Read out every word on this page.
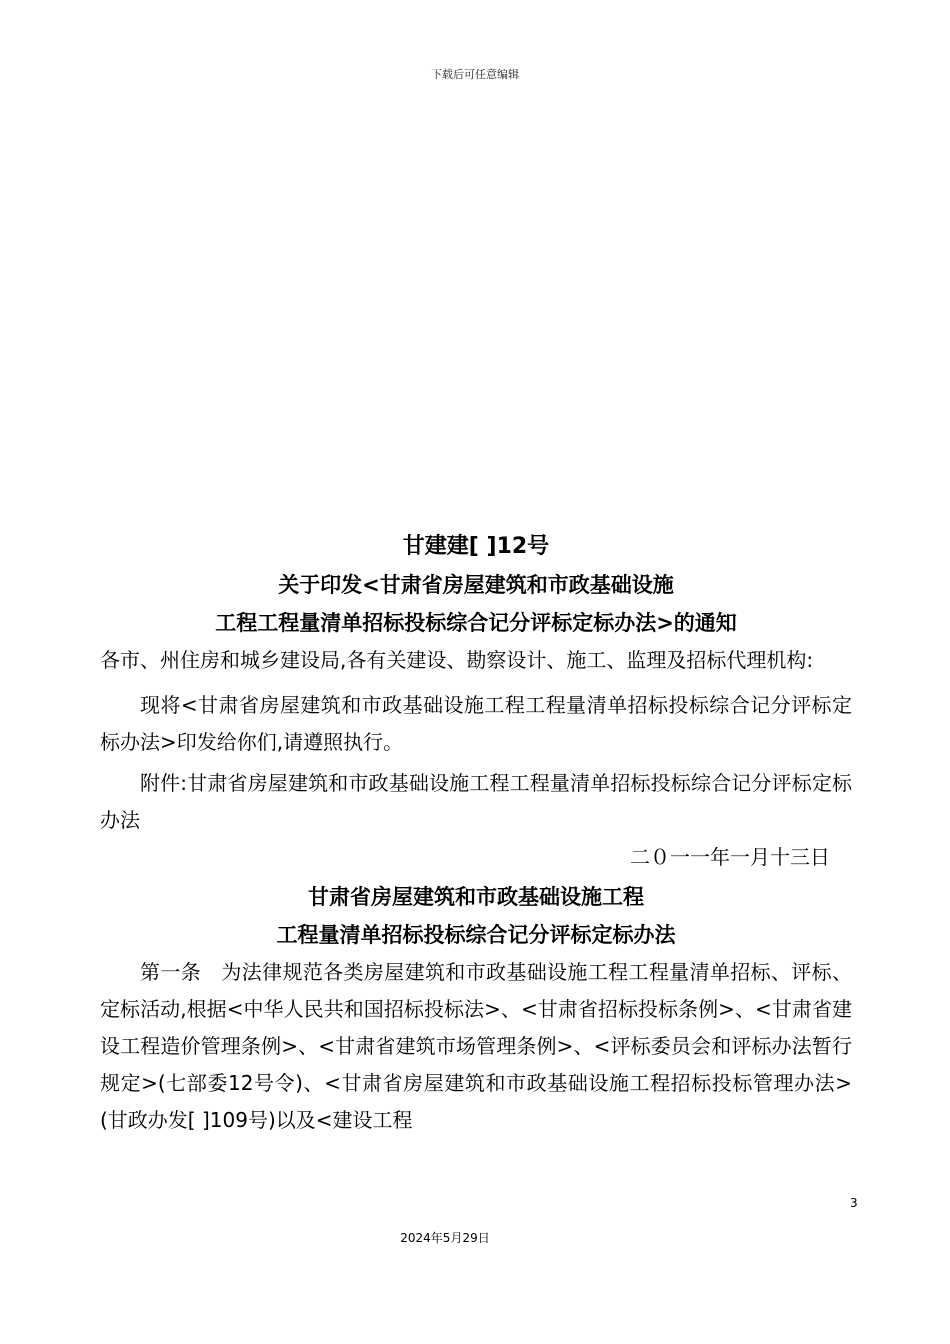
下载后可任意编辑
甘建建[ ]12号
关于印发<甘肃省房屋建筑和市政基础设施
工程工程量清单招标投标综合记分评标定标办法>的通知

各市、州住房和城乡建设局,各有关建设、勘察设计、施工、监理及招标代理机构:

现将<甘肃省房屋建筑和市政基础设施工程工程量清单招标投标综合记分评标定标办法>印发给你们,请遵照执行。

附件:甘肃省房屋建筑和市政基础设施工程工程量清单招标投标综合记分评标定标办法

二０一一年一月十三日
甘肃省房屋建筑和市政基础设施工程
工程量清单招标投标综合记分评标定标办法

第一条　为法律规范各类房屋建筑和市政基础设施工程工程量清单招标、评标、定标活动,根据<中华人民共和国招标投标法>、<甘肃省招标投标条例>、<甘肃省建设工程造价管理条例>、<甘肃省建筑市场管理条例>、<评标委员会和评标办法暂行规定>(七部委12号令)、<甘肃省房屋建筑和市政基础设施工程招标投标管理办法>(甘政办发[ ]109号)以及<建设工程

3
2024年5月29日
